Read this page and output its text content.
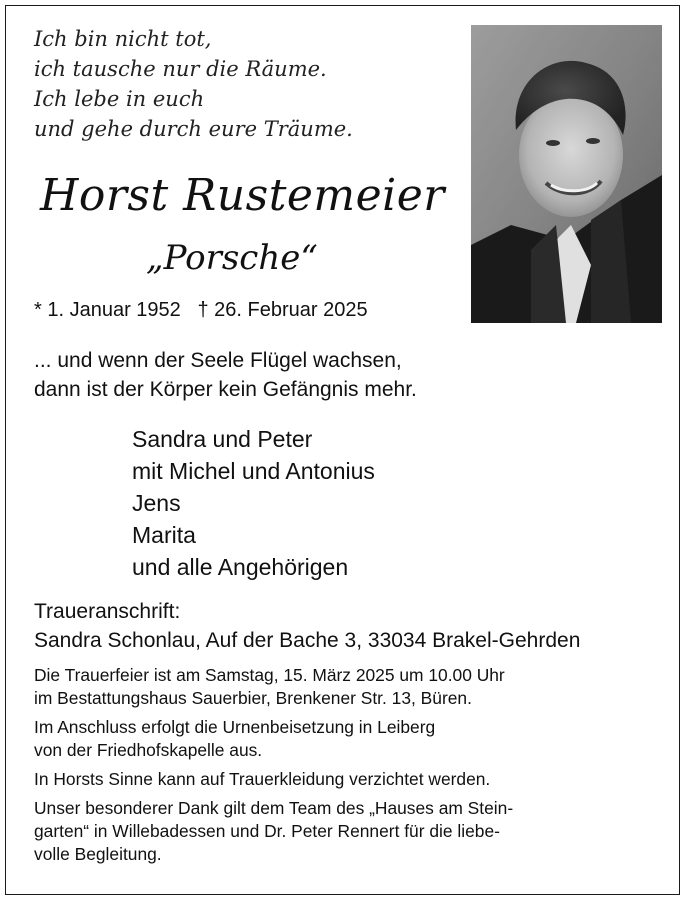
Ich bin nicht tot,
ich tausche nur die Räume.
Ich lebe in euch
und gehe durch eure Träume.
Horst Rustemeier
„Porsche“
* 1. Januar 1952 † 26. Februar 2025
... und wenn der Seele Flügel wachsen,
dann ist der Körper kein Gefängnis mehr.
Sandra und Peter
mit Michel und Antonius
Jens
Marita
und alle Angehörigen
Traueranschrift:
Sandra Schonlau, Auf der Bache 3, 33034 Brakel-Gehrden

Die Trauerfeier ist am Samstag, 15. März 2025 um 10.00 Uhr
im Bestattungshaus Sauerbier, Brenkener Str. 13, Büren.

Im Anschluss erfolgt die Urnenbeisetzung in Leiberg
von der Friedhofskapelle aus.

In Horsts Sinne kann auf Trauerkleidung verzichtet werden.

Unser besonderer Dank gilt dem Team des „Hauses am Stein-
garten“ in Willebadessen und Dr. Peter Rennert für die liebe-
volle Begleitung.
